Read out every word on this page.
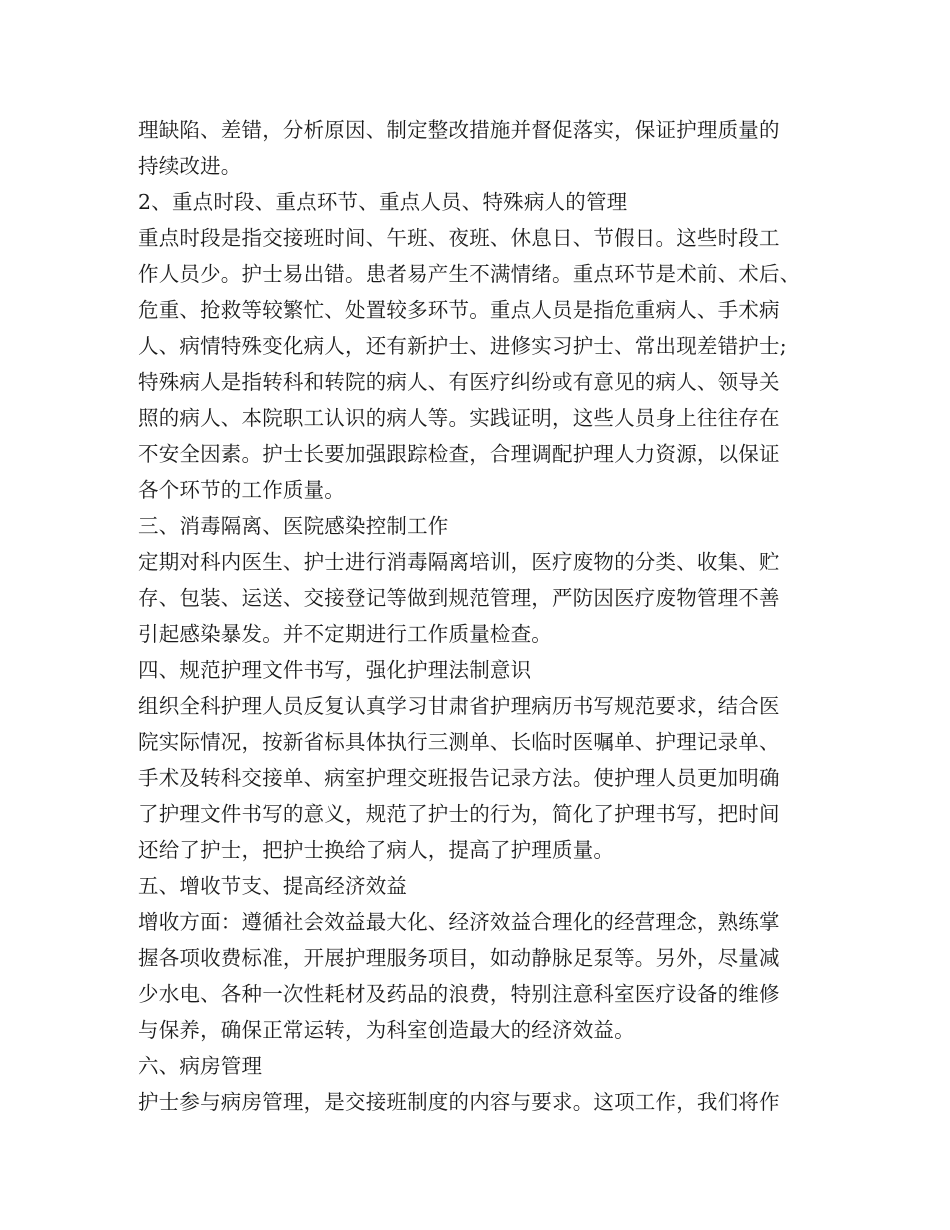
理缺陷、差错，分析原因、制定整改措施并督促落实，保证护理质量的
持续改进。
2、重点时段、重点环节、重点人员、特殊病人的管理
重点时段是指交接班时间、午班、夜班、休息日、节假日。这些时段工
作人员少。护士易出错。患者易产生不满情绪。重点环节是术前、术后、
危重、抢救等较繁忙、处置较多环节。重点人员是指危重病人、手术病
人、病情特殊变化病人，还有新护士、进修实习护士、常出现差错护士;
特殊病人是指转科和转院的病人、有医疗纠纷或有意见的病人、领导关
照的病人、本院职工认识的病人等。实践证明，这些人员身上往往存在
不安全因素。护士长要加强跟踪检查，合理调配护理人力资源，以保证
各个环节的工作质量。
三、消毒隔离、医院感染控制工作
定期对科内医生、护士进行消毒隔离培训，医疗废物的分类、收集、贮
存、包装、运送、交接登记等做到规范管理，严防因医疗废物管理不善
引起感染暴发。并不定期进行工作质量检查。
四、规范护理文件书写，强化护理法制意识
组织全科护理人员反复认真学习甘肃省护理病历书写规范要求，结合医
院实际情况，按新省标具体执行三测单、长临时医嘱单、护理记录单、
手术及转科交接单、病室护理交班报告记录方法。使护理人员更加明确
了护理文件书写的意义，规范了护士的行为，简化了护理书写，把时间
还给了护士，把护士换给了病人，提高了护理质量。
五、增收节支、提高经济效益
增收方面：遵循社会效益最大化、经济效益合理化的经营理念，熟练掌
握各项收费标准，开展护理服务项目，如动静脉足泵等。另外，尽量减
少水电、各种一次性耗材及药品的浪费，特别注意科室医疗设备的维修
与保养，确保正常运转，为科室创造最大的经济效益。
六、病房管理
护士参与病房管理，是交接班制度的内容与要求。这项工作，我们将作
